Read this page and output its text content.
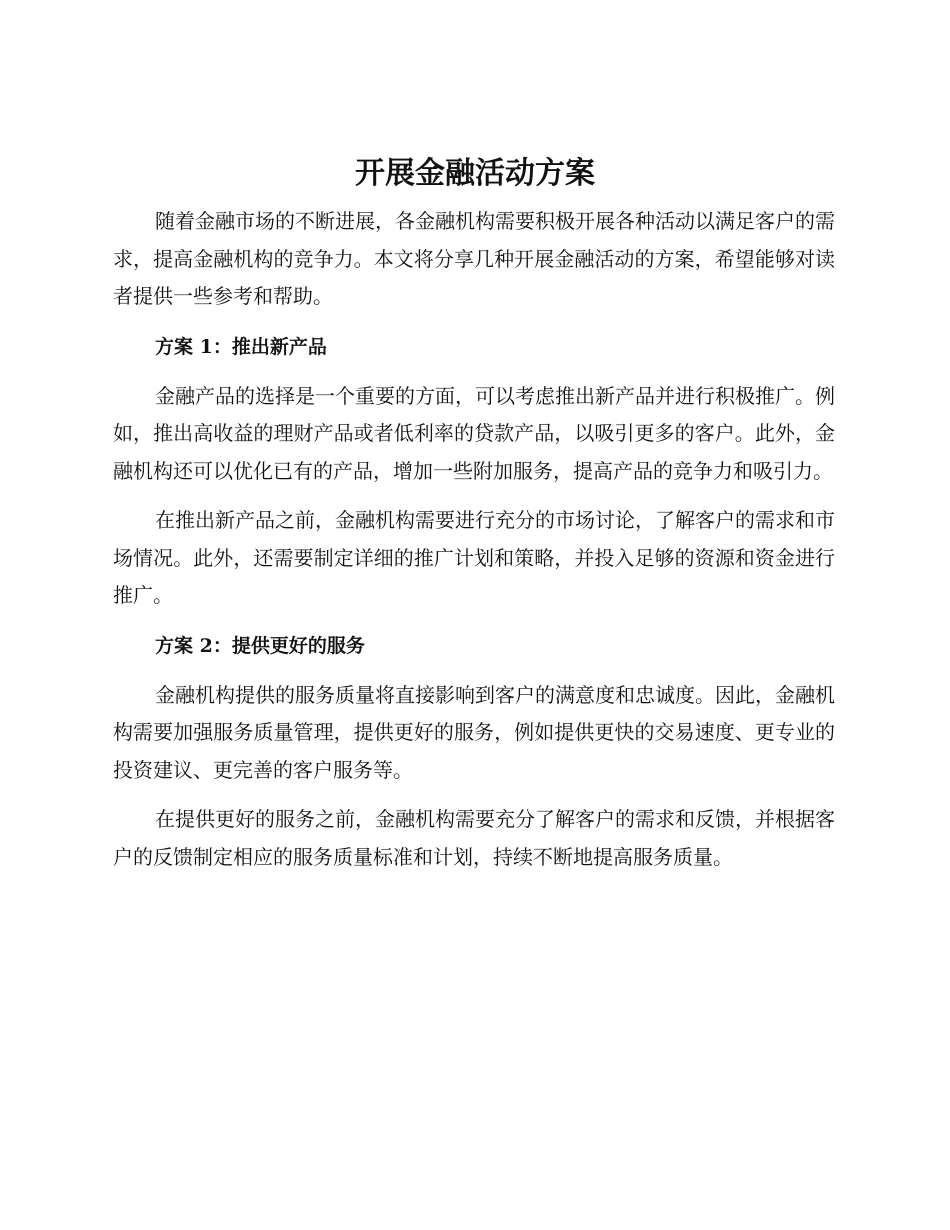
开展金融活动方案

随着金融市场的不断进展，各金融机构需要积极开展各种活动以满足客户的需求，提高金融机构的竞争力。本文将分享几种开展金融活动的方案，希望能够对读者提供一些参考和帮助。

方案 1：推出新产品

金融产品的选择是一个重要的方面，可以考虑推出新产品并进行积极推广。例如，推出高收益的理财产品或者低利率的贷款产品，以吸引更多的客户。此外，金融机构还可以优化已有的产品，增加一些附加服务，提高产品的竞争力和吸引力。

在推出新产品之前，金融机构需要进行充分的市场讨论，了解客户的需求和市场情况。此外，还需要制定详细的推广计划和策略，并投入足够的资源和资金进行推广。

方案 2：提供更好的服务

金融机构提供的服务质量将直接影响到客户的满意度和忠诚度。因此，金融机构需要加强服务质量管理，提供更好的服务，例如提供更快的交易速度、更专业的投资建议、更完善的客户服务等。

在提供更好的服务之前，金融机构需要充分了解客户的需求和反馈，并根据客户的反馈制定相应的服务质量标准和计划，持续不断地提高服务质量。
